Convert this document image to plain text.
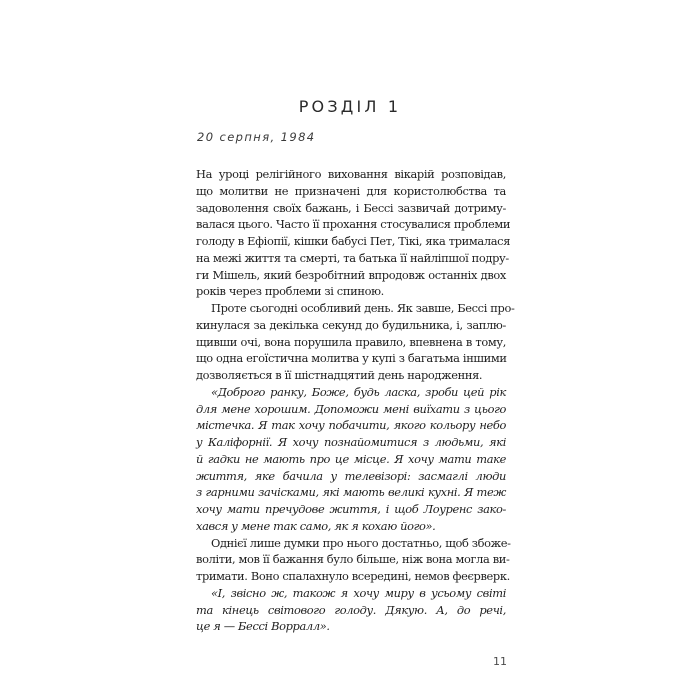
РОЗДІЛ 1
20 серпня, 1984
На уроці релігійного виховання вікарій розповідав,
що молитви не призначені для користолюбства та
задоволення своїх бажань, і Бессі зазвичай дотриму-
валася цього. Часто її прохання стосувалися проблеми
голоду в Ефіопії, кішки бабусі Пет, Тікі, яка трималася
на межі життя та смерті, та батька її найліпшої подру-
ги Мішель, який безробітний впродовж останніх двох
років через проблеми зі спиною.
Проте сьогодні особливий день. Як завше, Бессі про-
кинулася за декілька секунд до будильника, і, заплю-
щивши очі, вона порушила правило, впевнена в тому,
що одна егоїстична молитва у купі з багатьма іншими
дозволяється в її шістнадцятий день народження.
«Доброго ранку, Боже, будь ласка, зроби цей рік
для мене хорошим. Допоможи мені виїхати з цього
містечка. Я так хочу побачити, якого кольору небо
у Каліфорнії. Я хочу познайомитися з людьми, які
й гадки не мають про це місце. Я хочу мати таке
життя, яке бачила у телевізорі: засмаглі люди
з гарними зачісками, які мають великі кухні. Я теж
хочу мати пречудове життя, і щоб Лоуренс зако-
хався у мене так само, як я кохаю його».
Однієї лише думки про нього достатньо, щоб збоже-
воліти, мов її бажання було більше, ніж вона могла ви-
тримати. Воно спалахнуло всередині, немов феєрверк.
«І, звісно ж, також я хочу миру в усьому світі
та кінець світового голоду. Дякую. А, до речі,
це я — Бессі Ворралл».
11
